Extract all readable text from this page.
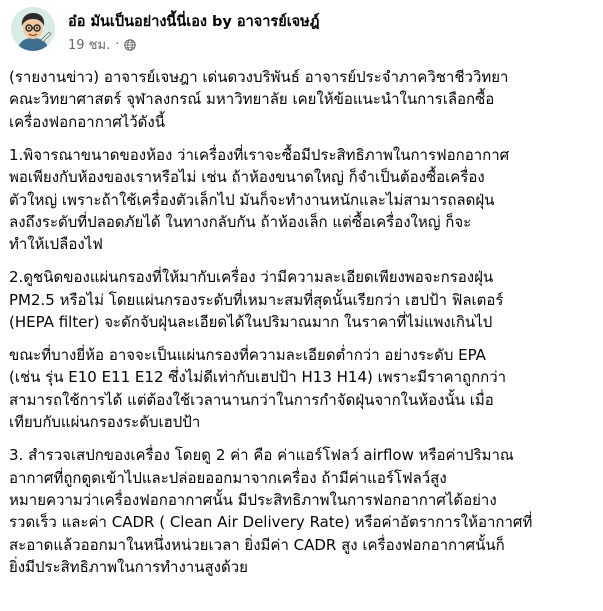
อ๋อ มันเป็นอย่างนี้นี่เอง by อาจารย์เจษฎ์
19 ชม. ·

(รายงานข่าว) อาจารย์เจษฎา เด่นดวงบริพันธ์ อาจารย์ประจำภาควิชาชีววิทยา
คณะวิทยาศาสตร์ จุฬาลงกรณ์ มหาวิทยาลัย เคยให้ข้อแนะนำในการเลือกซื้อ
เครื่องฟอกอากาศไว้ดังนี้

1.พิจารณาขนาดของห้อง ว่าเครื่องที่เราจะซื้อมีประสิทธิภาพในการฟอกอากาศ
พอเพียงกับห้องของเราหรือไม่ เช่น ถ้าห้องขนาดใหญ่ ก็จำเป็นต้องซื้อเครื่อง
ตัวใหญ่ เพราะถ้าใช้เครื่องตัวเล็กไป มันก็จะทำงานหนักและไม่สามารถลดฝุ่น
ลงถึงระดับที่ปลอดภัยได้ ในทางกลับกัน ถ้าห้องเล็ก แต่ซื้อเครื่องใหญ่ ก็จะ
ทำให้เปลืองไฟ

2.ดูชนิดของแผ่นกรองที่ให้มากับเครื่อง ว่ามีความละเอียดเพียงพอจะกรองฝุ่น
PM2.5 หรือไม่ โดยแผ่นกรองระดับที่เหมาะสมที่สุดนั้นเรียกว่า เฮปป้า ฟิลเตอร์
(HEPA filter) จะดักจับฝุ่นละเอียดได้ในปริมาณมาก ในราคาที่ไม่แพงเกินไป

ขณะที่บางยี่ห้อ อาจจะเป็นแผ่นกรองที่ความละเอียดต่ำกว่า อย่างระดับ EPA
(เช่น รุ่น E10 E11 E12 ซึ่งไม่ดีเท่ากับเฮปป้า H13 H14) เพราะมีราคาถูกกว่า
สามารถใช้การได้ แต่ต้องใช้เวลานานกว่าในการกำจัดฝุ่นจากในห้องนั้น เมื่อ
เทียบกับแผ่นกรองระดับเฮปป้า

3. สำรวจเสปกของเครื่อง โดยดู 2 ค่า คือ ค่าแอร์โฟลว์ airflow หรือค่าปริมาณ
อากาศที่ถูกดูดเข้าไปและปล่อยออกมาจากเครื่อง ถ้ามีค่าแอร์โฟลว์สูง
หมายความว่าเครื่องฟอกอากาศนั้น มีประสิทธิภาพในการฟอกอากาศได้อย่าง
รวดเร็ว และค่า CADR ( Clean Air Delivery Rate) หรือค่าอัตราการให้อากาศที่
สะอาดแล้วออกมาในหนึ่งหน่วยเวลา ยิ่งมีค่า CADR สูง เครื่องฟอกอากาศนั้นก็
ยิ่งมีประสิทธิภาพในการทำงานสูงด้วย
